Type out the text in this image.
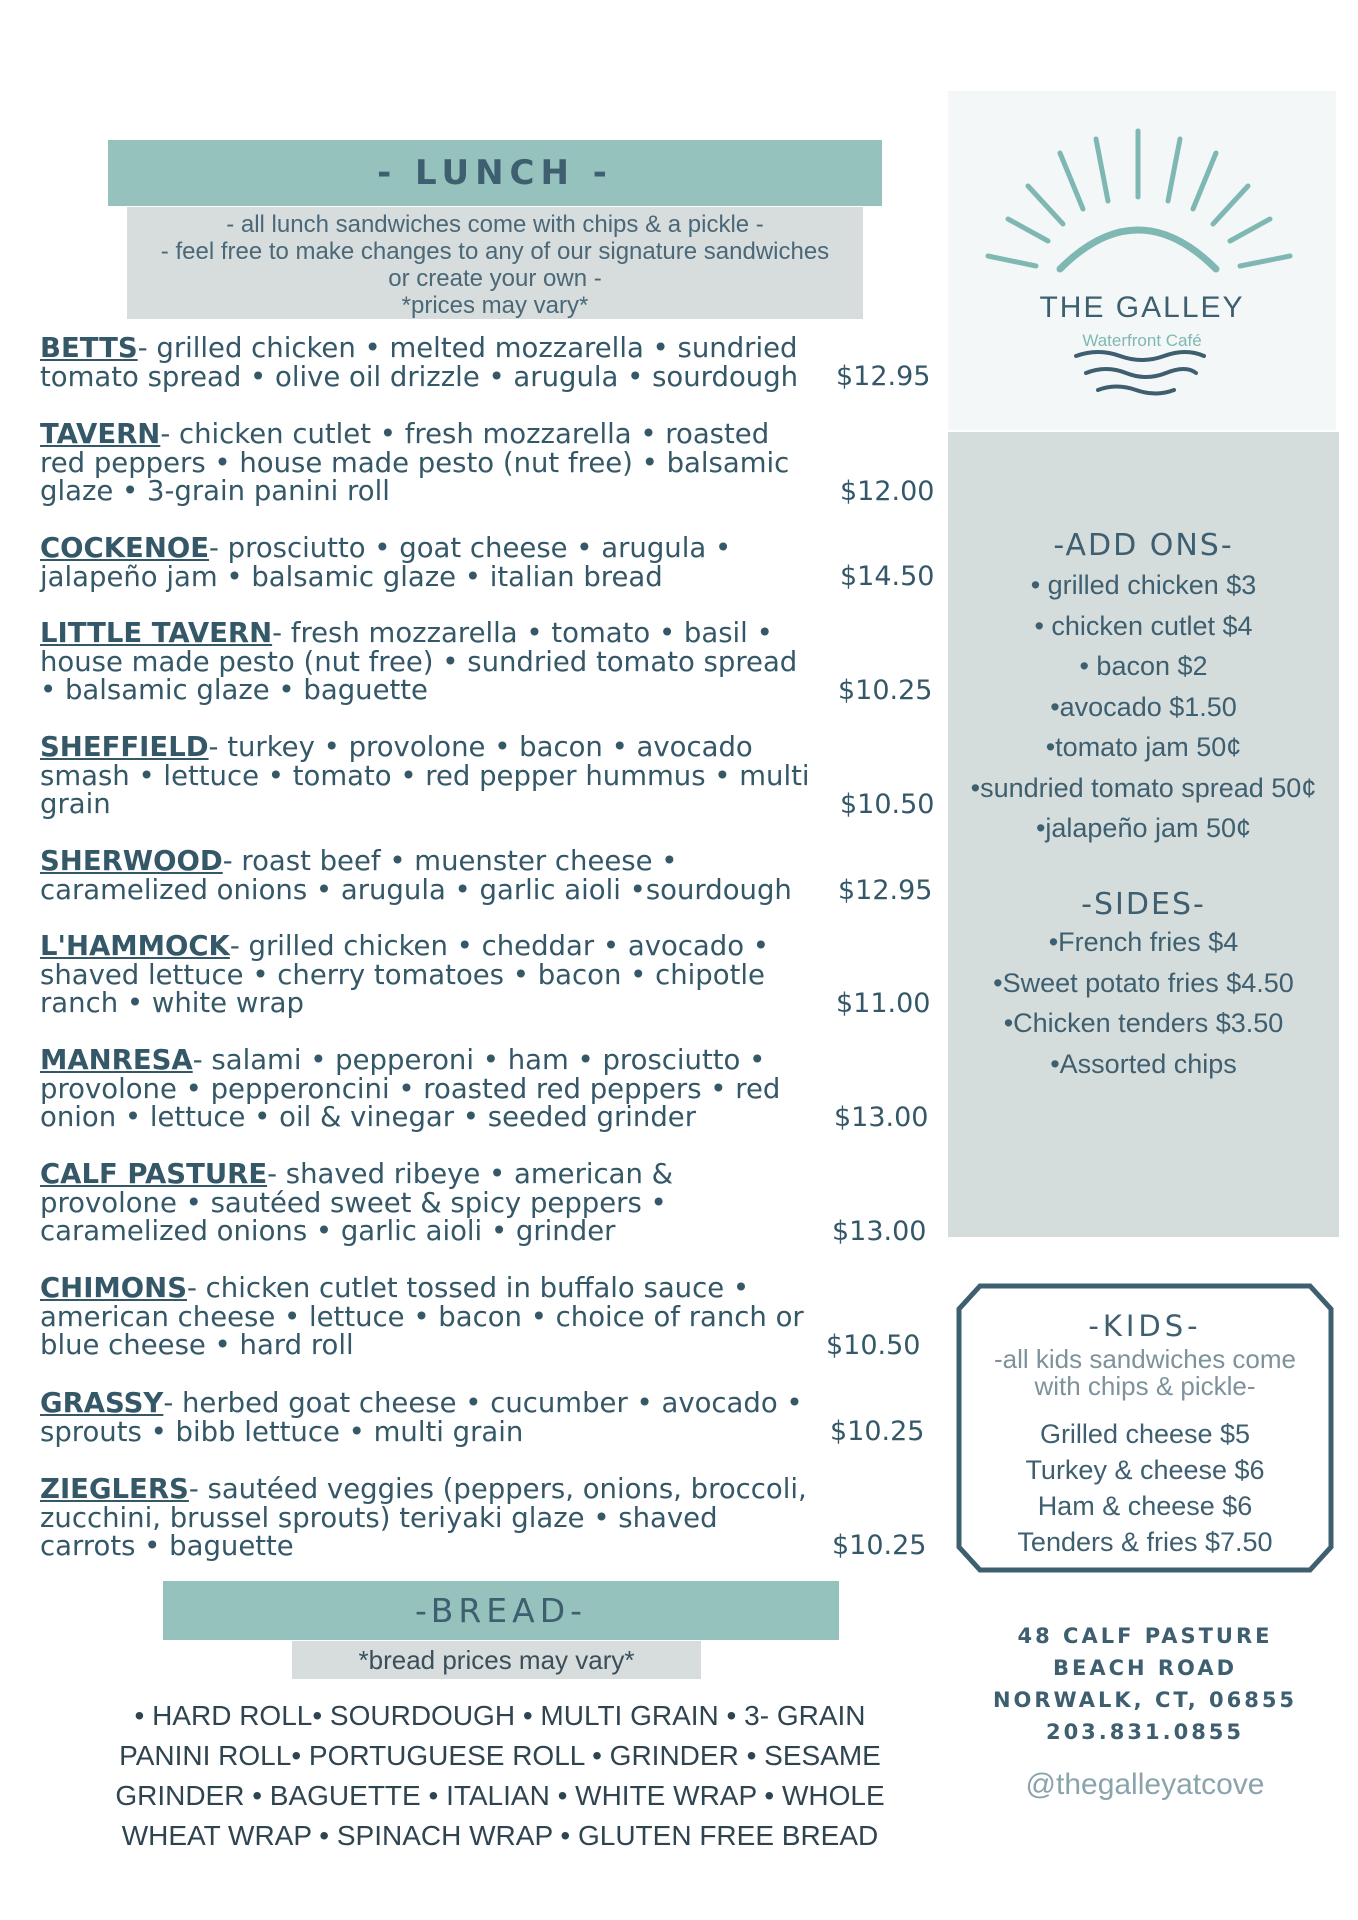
- LUNCH -
- all lunch sandwiches come with chips & a pickle -
- feel free to make changes to any of our signature sandwiches
or create your own -
*prices may vary*
BETTS- grilled chicken • melted mozzarella • sundried tomato spread • olive oil drizzle • arugula • sourdough	$12.95
TAVERN- chicken cutlet • fresh mozzarella • roasted red peppers • house made pesto (nut free) • balsamic glaze • 3-grain panini roll	$12.00
COCKENOE- prosciutto • goat cheese • arugula • jalapeño jam • balsamic glaze • italian bread	$14.50
LITTLE TAVERN- fresh mozzarella • tomato • basil • house made pesto (nut free) • sundried tomato spread • balsamic glaze • baguette	$10.25
SHEFFIELD- turkey • provolone • bacon • avocado smash • lettuce • tomato • red pepper hummus • multi grain	$10.50
SHERWOOD- roast beef • muenster cheese • caramelized onions • arugula • garlic aioli •sourdough	$12.95
L'HAMMOCK- grilled chicken • cheddar • avocado • shaved lettuce • cherry tomatoes • bacon • chipotle ranch • white wrap	$11.00
MANRESA- salami • pepperoni • ham • prosciutto • provolone • pepperoncini • roasted red peppers • red onion • lettuce • oil & vinegar • seeded grinder	$13.00
CALF PASTURE- shaved ribeye • american & provolone • sautéed sweet & spicy peppers • caramelized onions • garlic aioli • grinder	$13.00
CHIMONS- chicken cutlet tossed in buffalo sauce • american cheese • lettuce • bacon • choice of ranch or blue cheese • hard roll	$10.50
GRASSY- herbed goat cheese • cucumber • avocado • sprouts • bibb lettuce • multi grain	$10.25
ZIEGLERS- sautéed veggies (peppers, onions, broccoli, zucchini, brussel sprouts) teriyaki glaze • shaved carrots • baguette	$10.25
THE GALLEY
Waterfront Café
-ADD ONS-
• grilled chicken $3
• chicken cutlet $4
• bacon $2
•avocado $1.50
•tomato jam 50¢
•sundried tomato spread 50¢
•jalapeño jam 50¢
-SIDES-
•French fries $4
•Sweet potato fries $4.50
•Chicken tenders $3.50
•Assorted chips
-KIDS-
-all kids sandwiches come
with chips & pickle-
Grilled cheese $5
Turkey & cheese $6
Ham & cheese $6
Tenders & fries $7.50
48 CALF PASTURE
BEACH ROAD
NORWALK, CT, 06855
203.831.0855
@thegalleyatcove
-BREAD-
*bread prices may vary*
• HARD ROLL• SOURDOUGH • MULTI GRAIN • 3- GRAIN
PANINI ROLL• PORTUGUESE ROLL • GRINDER • SESAME
GRINDER • BAGUETTE • ITALIAN • WHITE WRAP • WHOLE
WHEAT WRAP • SPINACH WRAP • GLUTEN FREE BREAD
